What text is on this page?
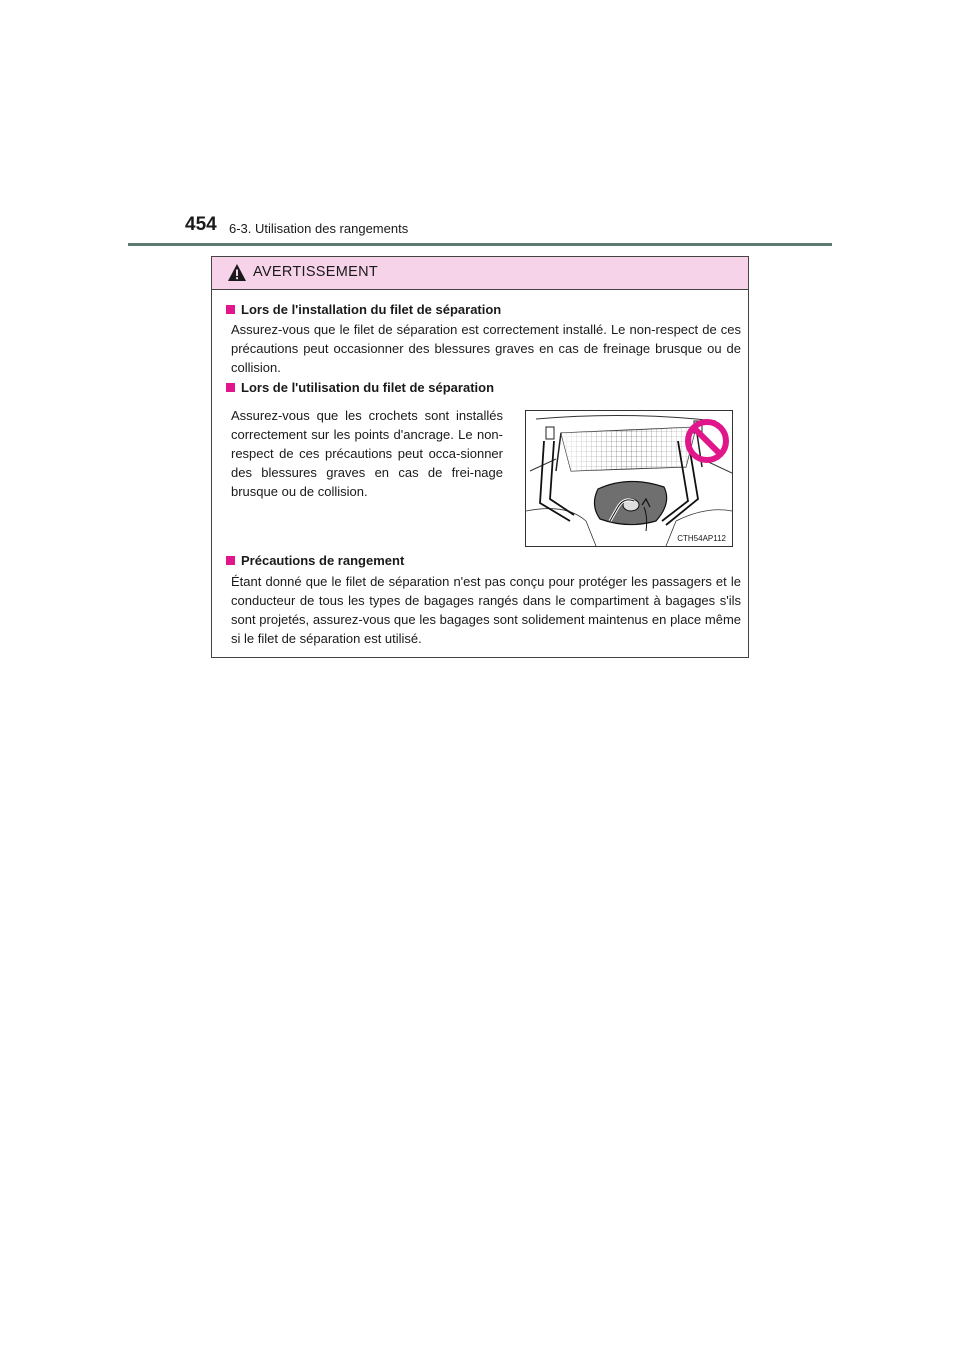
454 6-3. Utilisation des rangements
AVERTISSEMENT
Lors de l'installation du filet de séparation

Assurez-vous que le filet de séparation est correctement installé. Le non-respect de ces précautions peut occasionner des blessures graves en cas de freinage brusque ou de collision.

Lors de l'utilisation du filet de séparation

Assurez-vous que les crochets sont installés correctement sur les points d'ancrage. Le non-respect de ces précautions peut occa-sionner des blessures graves en cas de frei-nage brusque ou de collision.

CTH54AP112
Précautions de rangement

Étant donné que le filet de séparation n'est pas conçu pour protéger les passagers et le conducteur de tous les types de bagages rangés dans le compartiment à bagages s'ils sont projetés, assurez-vous que les bagages sont solidement maintenus en place même si le filet de séparation est utilisé.
